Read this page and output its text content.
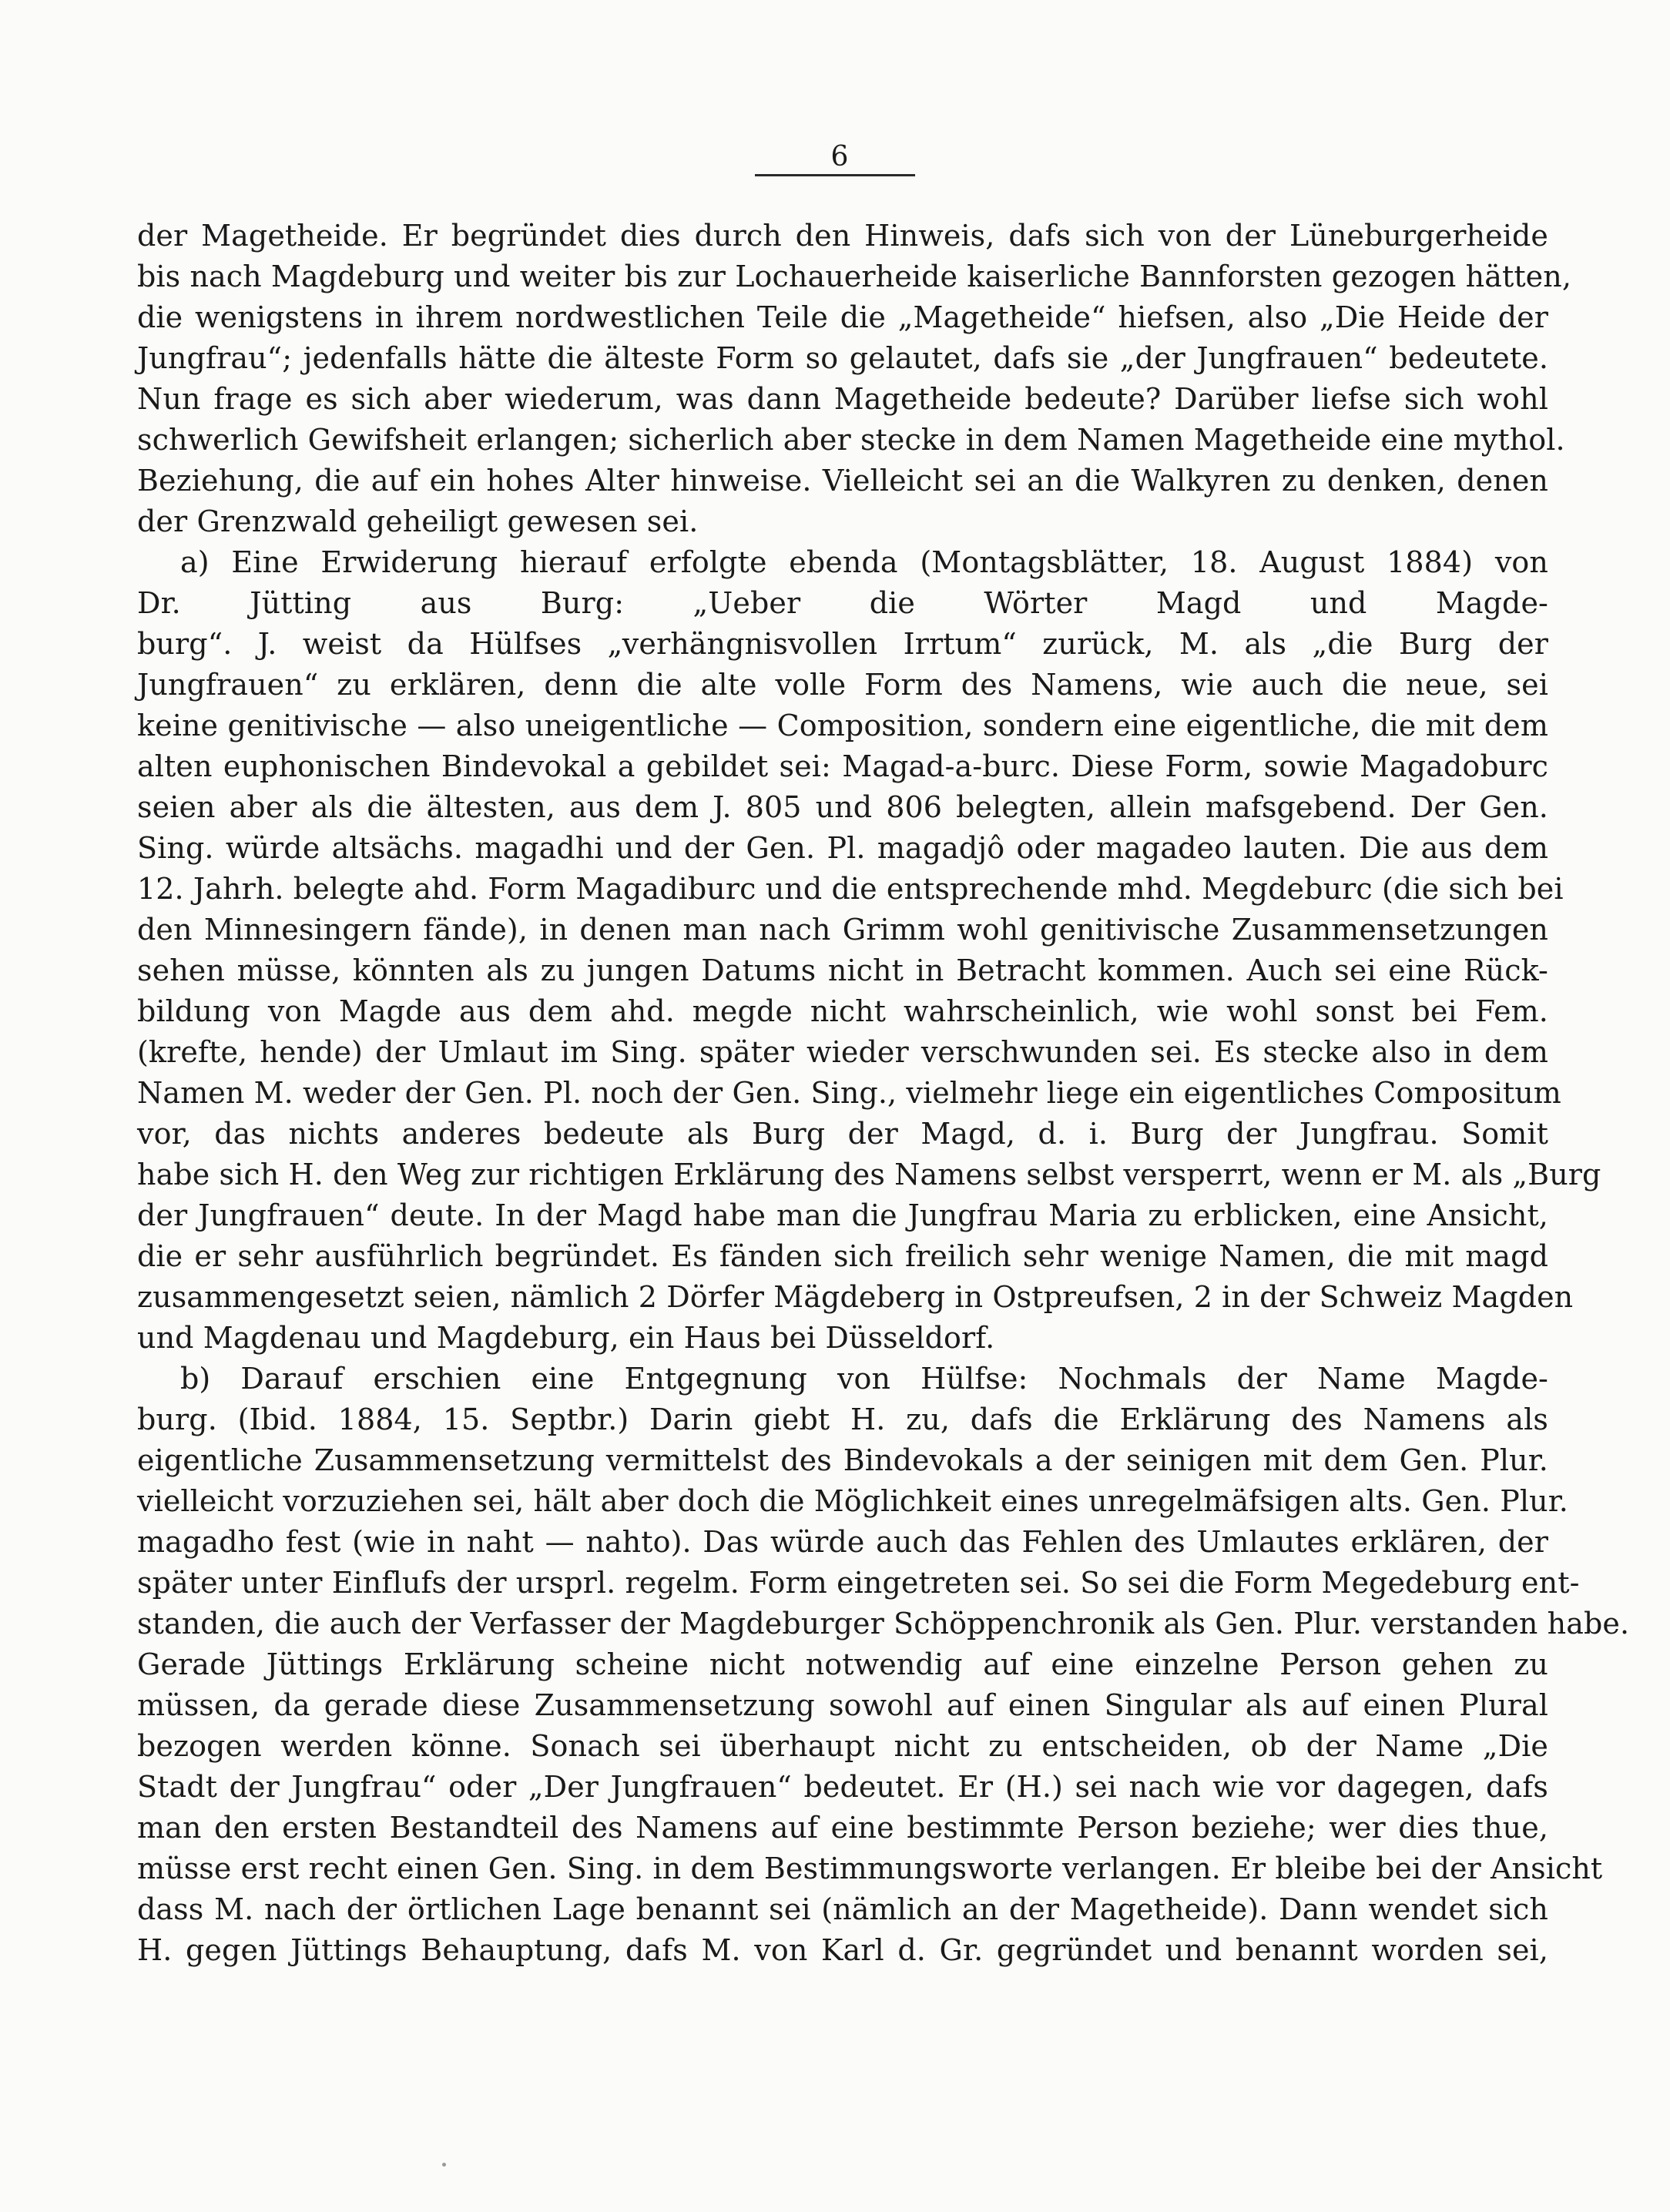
6
der Magetheide. Er begründet dies durch den Hinweis, dafs sich von der Lüneburgerheide
bis nach Magdeburg und weiter bis zur Lochauerheide kaiserliche Bannforsten gezogen hätten,
die wenigstens in ihrem nordwestlichen Teile die „Magetheide“ hiefsen, also „Die Heide der
Jungfrau“; jedenfalls hätte die älteste Form so gelautet, dafs sie „der Jungfrauen“ bedeutete.
Nun frage es sich aber wiederum, was dann Magetheide bedeute? Darüber liefse sich wohl
schwerlich Gewifsheit erlangen; sicherlich aber stecke in dem Namen Magetheide eine mythol.
Beziehung, die auf ein hohes Alter hinweise. Vielleicht sei an die Walkyren zu denken, denen
der Grenzwald geheiligt gewesen sei.
a) Eine Erwiderung hierauf erfolgte ebenda (Montagsblätter, 18. August 1884) von
Dr. Jütting aus Burg: „Ueber die Wörter Magd und Magde-
burg“. J. weist da Hülfses „verhängnisvollen Irrtum“ zurück, M. als „die Burg der
Jungfrauen“ zu erklären, denn die alte volle Form des Namens, wie auch die neue, sei
keine genitivische — also uneigentliche — Composition, sondern eine eigentliche, die mit dem
alten euphonischen Bindevokal a gebildet sei: Magad-a-burc. Diese Form, sowie Magadoburc
seien aber als die ältesten, aus dem J. 805 und 806 belegten, allein mafsgebend. Der Gen.
Sing. würde altsächs. magadhi und der Gen. Pl. magadjô oder magadeo lauten. Die aus dem
12. Jahrh. belegte ahd. Form Magadiburc und die entsprechende mhd. Megdeburc (die sich bei
den Minnesingern fände), in denen man nach Grimm wohl genitivische Zusammensetzungen
sehen müsse, könnten als zu jungen Datums nicht in Betracht kommen. Auch sei eine Rück-
bildung von Magde aus dem ahd. megde nicht wahrscheinlich, wie wohl sonst bei Fem.
(krefte, hende) der Umlaut im Sing. später wieder verschwunden sei. Es stecke also in dem
Namen M. weder der Gen. Pl. noch der Gen. Sing., vielmehr liege ein eigentliches Compositum
vor, das nichts anderes bedeute als Burg der Magd, d. i. Burg der Jungfrau. Somit
habe sich H. den Weg zur richtigen Erklärung des Namens selbst versperrt, wenn er M. als „Burg
der Jungfrauen“ deute. In der Magd habe man die Jungfrau Maria zu erblicken, eine Ansicht,
die er sehr ausführlich begründet. Es fänden sich freilich sehr wenige Namen, die mit magd
zusammengesetzt seien, nämlich 2 Dörfer Mägdeberg in Ostpreufsen, 2 in der Schweiz Magden
und Magdenau und Magdeburg, ein Haus bei Düsseldorf.
b) Darauf erschien eine Entgegnung von Hülfse: Nochmals der Name Magde-
burg. (Ibid. 1884, 15. Septbr.) Darin giebt H. zu, dafs die Erklärung des Namens als
eigentliche Zusammensetzung vermittelst des Bindevokals a der seinigen mit dem Gen. Plur.
vielleicht vorzuziehen sei, hält aber doch die Möglichkeit eines unregelmäfsigen alts. Gen. Plur.
magadho fest (wie in naht — nahto). Das würde auch das Fehlen des Umlautes erklären, der
später unter Einflufs der ursprl. regelm. Form eingetreten sei. So sei die Form Megedeburg ent-
standen, die auch der Verfasser der Magdeburger Schöppenchronik als Gen. Plur. verstanden habe.
Gerade Jüttings Erklärung scheine nicht notwendig auf eine einzelne Person gehen zu
müssen, da gerade diese Zusammensetzung sowohl auf einen Singular als auf einen Plural
bezogen werden könne. Sonach sei überhaupt nicht zu entscheiden, ob der Name „Die
Stadt der Jungfrau“ oder „Der Jungfrauen“ bedeutet. Er (H.) sei nach wie vor dagegen, dafs
man den ersten Bestandteil des Namens auf eine bestimmte Person beziehe; wer dies thue,
müsse erst recht einen Gen. Sing. in dem Bestimmungsworte verlangen. Er bleibe bei der Ansicht
dass M. nach der örtlichen Lage benannt sei (nämlich an der Magetheide). Dann wendet sich
H. gegen Jüttings Behauptung, dafs M. von Karl d. Gr. gegründet und benannt worden sei,
